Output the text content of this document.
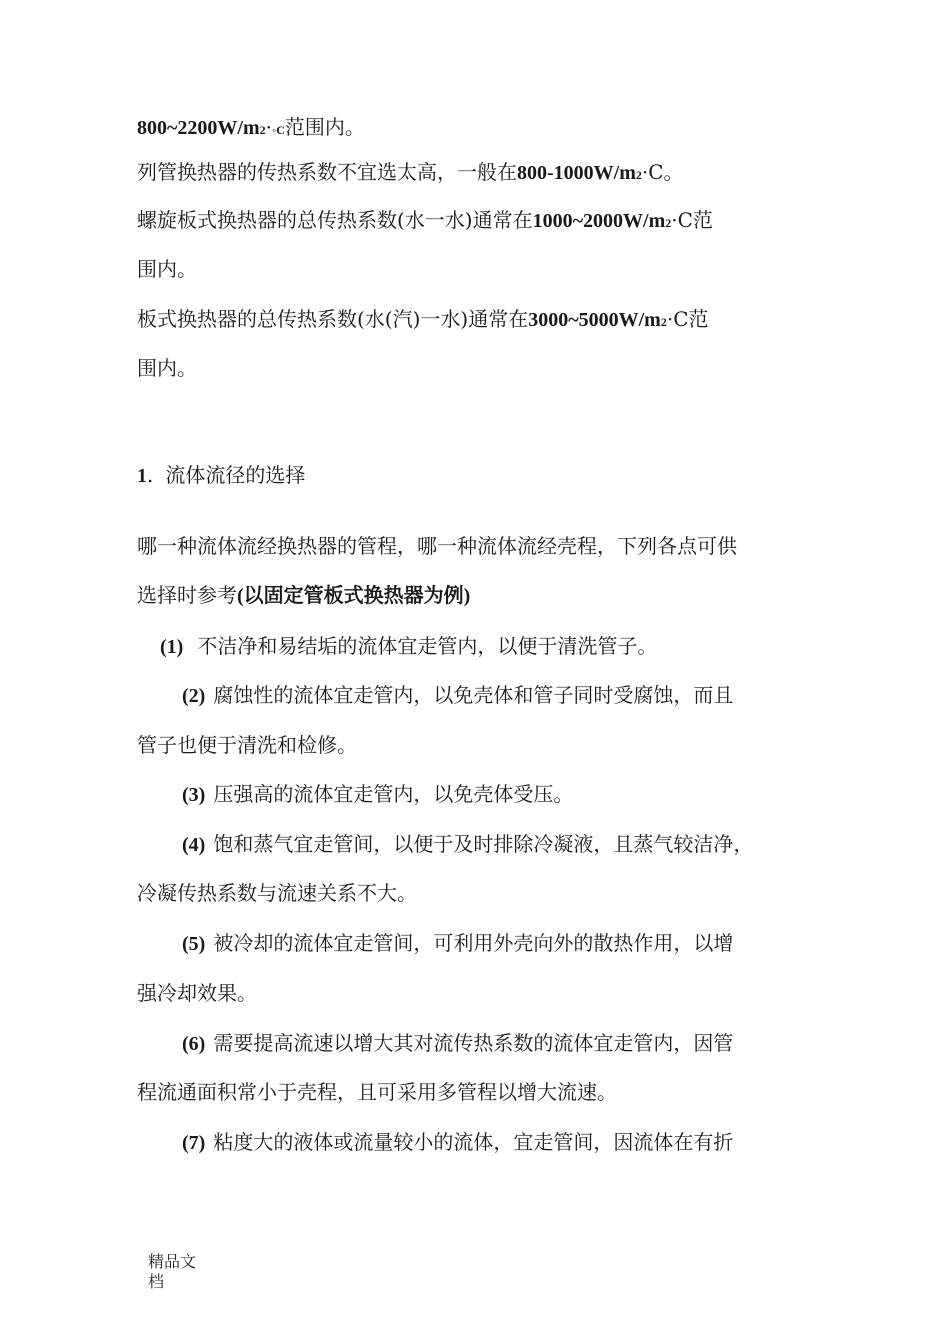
800~2200W/m2·◦C范围内。
列管换热器的传热系数不宜选太高，一般在800-1000W/m2·C。
螺旋板式换热器的总传热系数(水一水)通常在1000~2000W/m2·C范
围内。
板式换热器的总传热系数(水(汽)一水)通常在3000~5000W/m2·C范
围内。
1. 流体流径的选择
哪一种流体流经换热器的管程，哪一种流体流经壳程，下列各点可供
选择时参考(以固定管板式换热器为例)
(1) 不洁净和易结垢的流体宜走管内，以便于清洗管子。
(2) 腐蚀性的流体宜走管内，以免壳体和管子同时受腐蚀，而且
管子也便于清洗和检修。
(3) 压强高的流体宜走管内，以免壳体受压。
(4) 饱和蒸气宜走管间，以便于及时排除冷凝液，且蒸气较洁净，
冷凝传热系数与流速关系不大。
(5) 被冷却的流体宜走管间，可利用外壳向外的散热作用，以增
强冷却效果。
(6) 需要提高流速以增大其对流传热系数的流体宜走管内，因管
程流通面积常小于壳程，且可采用多管程以增大流速。
(7) 粘度大的液体或流量较小的流体，宜走管间，因流体在有折
精品文
档
